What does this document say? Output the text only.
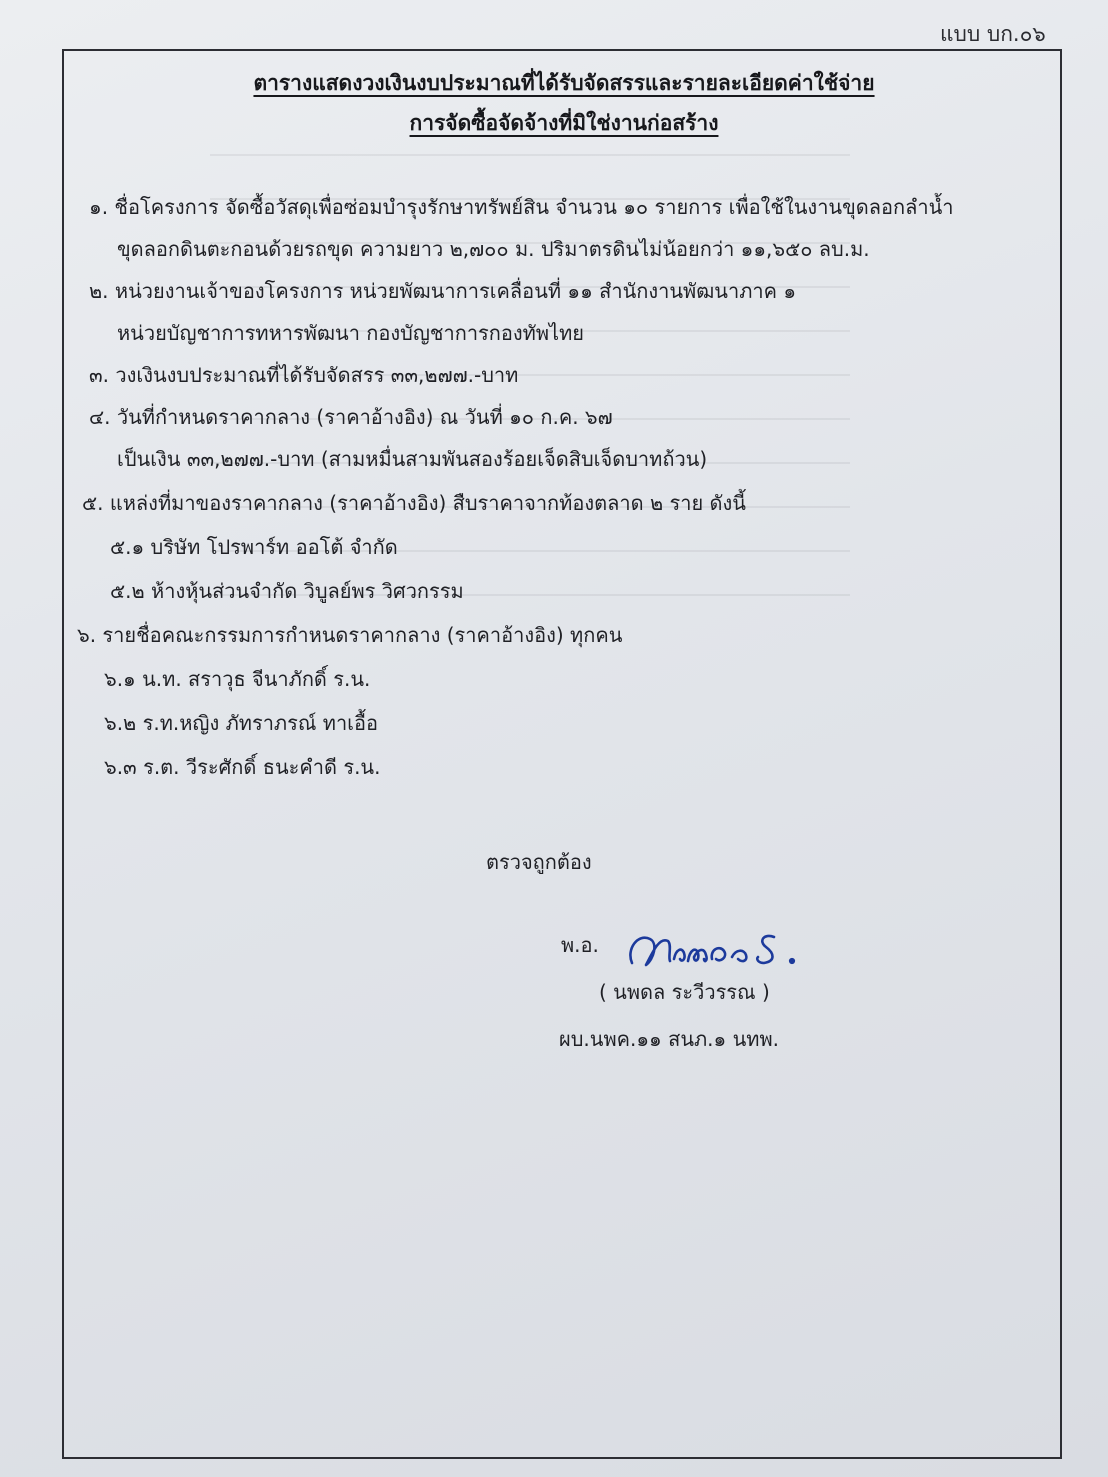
แบบ บก.๐๖
ตารางแสดงวงเงินงบประมาณที่ได้รับจัดสรรและรายละเอียดค่าใช้จ่าย
การจัดซื้อจัดจ้างที่มิใช่งานก่อสร้าง
๑. ชื่อโครงการ จัดซื้อวัสดุเพื่อซ่อมบำรุงรักษาทรัพย์สิน จำนวน ๑๐ รายการ เพื่อใช้ในงานขุดลอกลำน้ำ
ขุดลอกดินตะกอนด้วยรถขุด ความยาว ๒,๗๐๐ ม. ปริมาตรดินไม่น้อยกว่า ๑๑,๖๕๐ ลบ.ม.
๒. หน่วยงานเจ้าของโครงการ หน่วยพัฒนาการเคลื่อนที่ ๑๑ สำนักงานพัฒนาภาค ๑
หน่วยบัญชาการทหารพัฒนา กองบัญชาการกองทัพไทย
๓. วงเงินงบประมาณที่ได้รับจัดสรร ๓๓,๒๗๗.-บาท
๔. วันที่กำหนดราคากลาง (ราคาอ้างอิง) ณ วันที่ ๑๐ ก.ค. ๖๗
เป็นเงิน ๓๓,๒๗๗.-บาท (สามหมื่นสามพันสองร้อยเจ็ดสิบเจ็ดบาทถ้วน)
๕. แหล่งที่มาของราคากลาง (ราคาอ้างอิง) สืบราคาจากท้องตลาด ๒ ราย ดังนี้
๕.๑ บริษัท โปรพาร์ท ออโต้ จำกัด
๕.๒ ห้างหุ้นส่วนจำกัด วิบูลย์พร วิศวกรรม
๖. รายชื่อคณะกรรมการกำหนดราคากลาง (ราคาอ้างอิง) ทุกคน
๖.๑ น.ท. สราวุธ จีนาภักดิ์ ร.น.
๖.๒ ร.ท.หญิง ภัทราภรณ์ ทาเอื้อ
๖.๓ ร.ต. วีระศักดิ์ ธนะคำดี ร.น.
ตรวจถูกต้อง
พ.อ.
( นพดล ระวีวรรณ )
ผบ.นพค.๑๑ สนภ.๑ นทพ.
